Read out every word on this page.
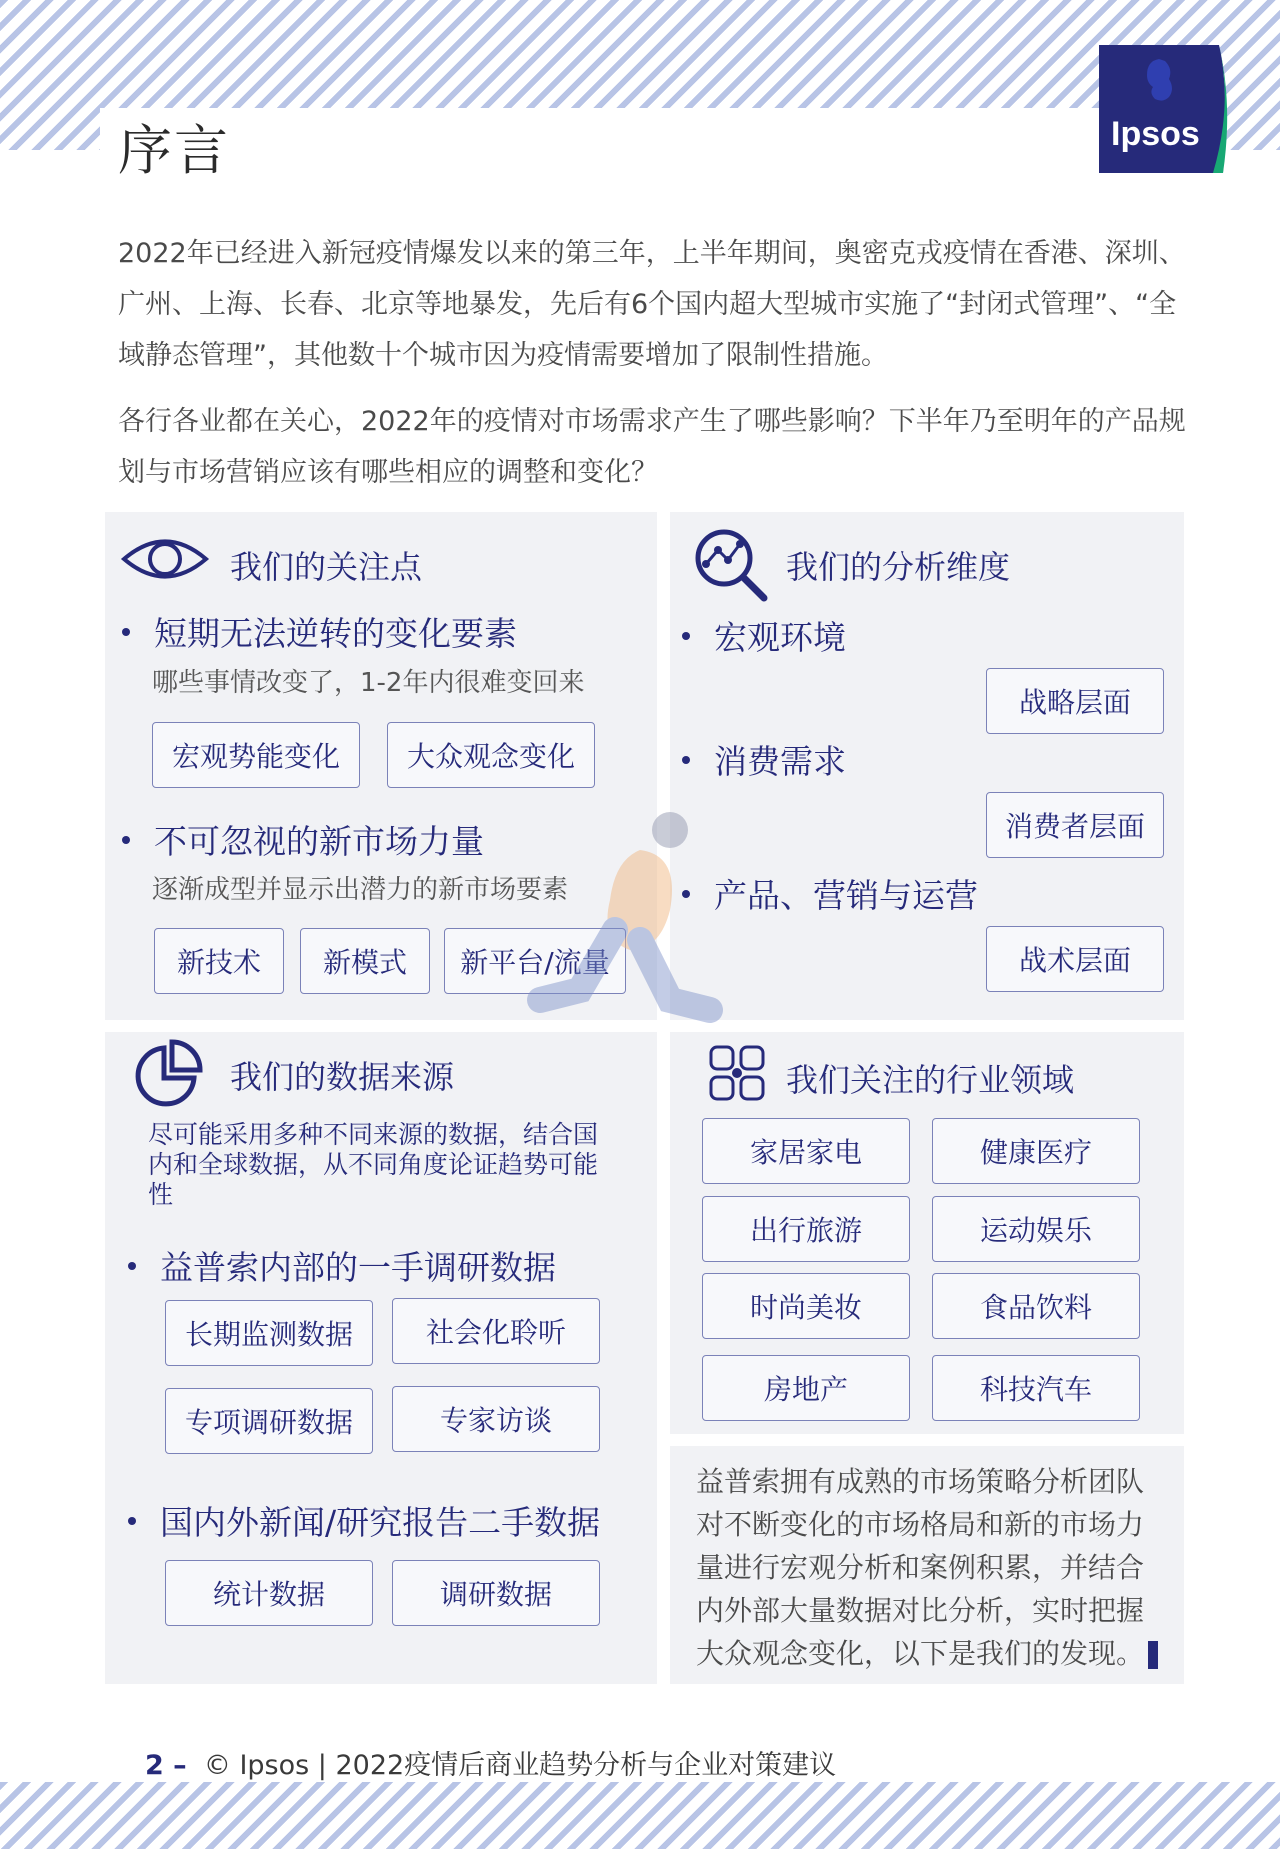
Ipsos
序言
2022年已经进入新冠疫情爆发以来的第三年，上半年期间，奥密克戎疫情在香港、深圳、广州、上海、长春、北京等地暴发，先后有6个国内超大型城市实施了“封闭式管理”、“全域静态管理”，其他数十个城市因为疫情需要增加了限制性措施。
各行各业都在关心，2022年的疫情对市场需求产生了哪些影响？下半年乃至明年的产品规划与市场营销应该有哪些相应的调整和变化？
我们的关注点
短期无法逆转的变化要素
哪些事情改变了，1-2年内很难变回来
宏观势能变化	大众观念变化
不可忽视的新市场力量
逐渐成型并显示出潜力的新市场要素
新技术	新模式	新平台/流量
我们的分析维度
宏观环境
战略层面
消费需求
消费者层面
产品、营销与运营
战术层面
我们的数据来源
尽可能采用多种不同来源的数据，结合国内和全球数据，从不同角度论证趋势可能性
益普索内部的一手调研数据
长期监测数据	社会化聆听
专项调研数据	专家访谈
国内外新闻/研究报告二手数据
统计数据	调研数据
我们关注的行业领域
家居家电	健康医疗
出行旅游	运动娱乐
时尚美妆	食品饮料
房地产	科技汽车
益普索拥有成熟的市场策略分析团队对不断变化的市场格局和新的市场力量进行宏观分析和案例积累，并结合内外部大量数据对比分析，实时把握大众观念变化，以下是我们的发现。
2 – © Ipsos | 2022疫情后商业趋势分析与企业对策建议
